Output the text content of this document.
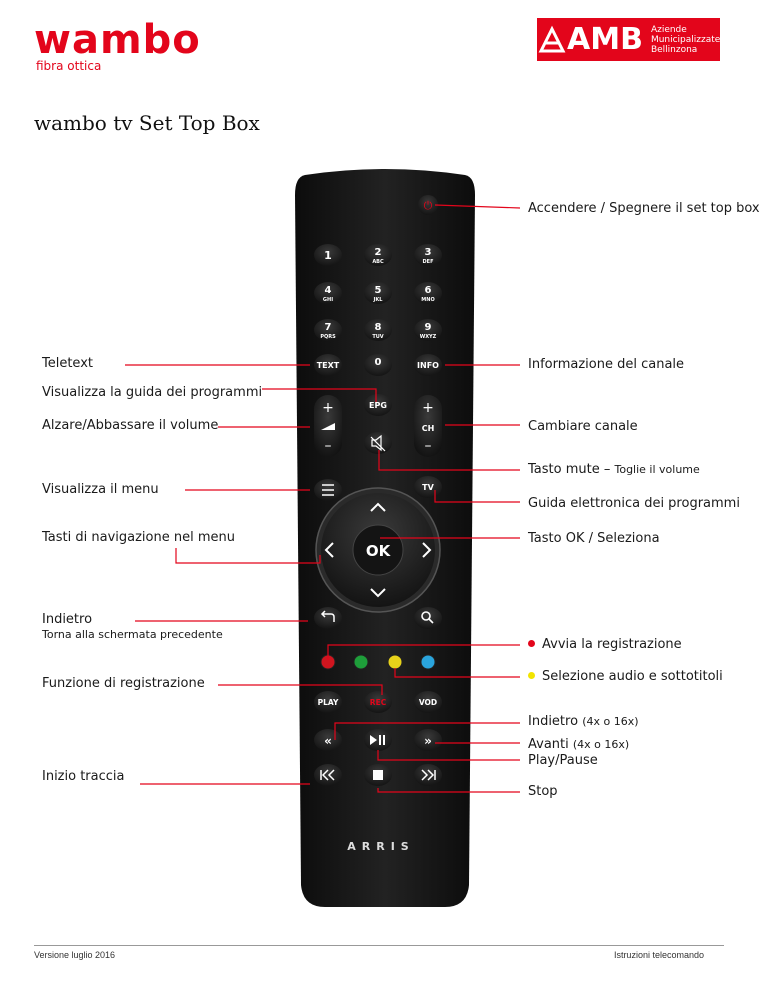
wambo
fibra ottica
AMB Aziende
Municipalizzate
Bellinzona
wambo tv Set Top Box
⏻
1	2
ABC
3
DEF
4
GHI
5
JKL
6
MNO
7
PQRS
8
TUV
9
WXYZ
TEXT	0	INFO
+
–
+
CH
–
EPG
TV
OK
PLAY	REC	VOD
«	»
ARRIS
Accendere / Spegnere il set top box
Informazione del canale
Cambiare canale
Tasto mute – Toglie il volume
Guida elettronica dei programmi
Tasto OK / Seleziona
Avvia la registrazione
Selezione audio e sottotitoli
Indietro (4x o 16x)
Avanti (4x o 16x)
Play/Pause
Stop
Teletext
Visualizza la guida dei programmi
Alzare/Abbassare il volume
Visualizza il menu
Tasti di navigazione nel menu
Indietro
Torna alla schermata precedente
Funzione di registrazione
Inizio traccia
Versione luglio 2016	Istruzioni telecomando
